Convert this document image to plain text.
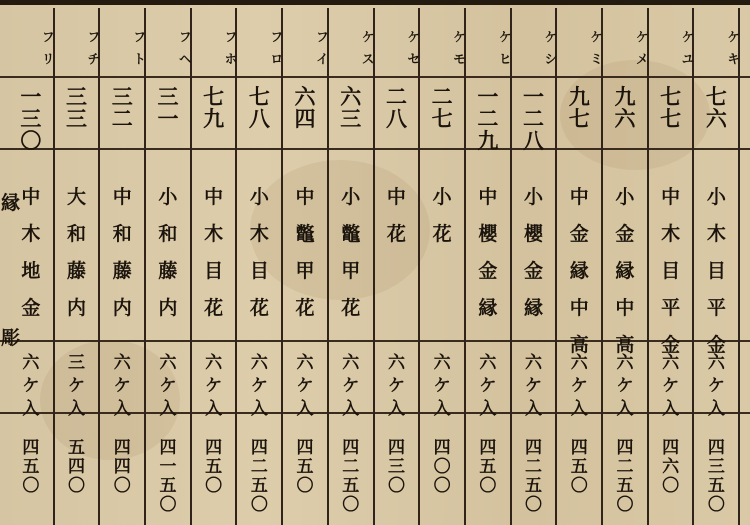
フリ
一
三
〇
中
木
地
金
六
ケ
入
四
五
〇
縁
彫
フチ
三
三
大
和
藤
内
三
ケ
入
五
四
〇
フト
三
二
中
和
藤
内
六
ケ
入
四
四
〇
フヘ
三
一
小
和
藤
内
六
ケ
入
四
一
五
〇
フホ
七
九
中
木
目
花
六
ケ
入
四
五
〇
フロ
七
八
小
木
目
花
六
ケ
入
四
二
五
〇
フイ
六
四
中
鼈
甲
花
六
ケ
入
四
五
〇
ケス
六
三
小
鼈
甲
花
六
ケ
入
四
二
五
〇
ケセ
二
八
中
花
六
ケ
入
四
三
〇
ケモ
二
七
小
花
六
ケ
入
四
〇
〇
ケヒ
一
二
九
中
櫻
金
縁
六
ケ
入
四
五
〇
ケシ
一
二
八
小
櫻
金
縁
六
ケ
入
四
二
五
〇
ケミ
九
七
中
金
縁
中
高
六
ケ
入
四
五
〇
ケメ
九
六
小
金
縁
中
高
六
ケ
入
四
二
五
〇
ケユ
七
七
中
木
目
平
金
六
ケ
入
四
六
〇
ケキ
七
六
小
木
目
平
金
六
ケ
入
四
三
五
〇
